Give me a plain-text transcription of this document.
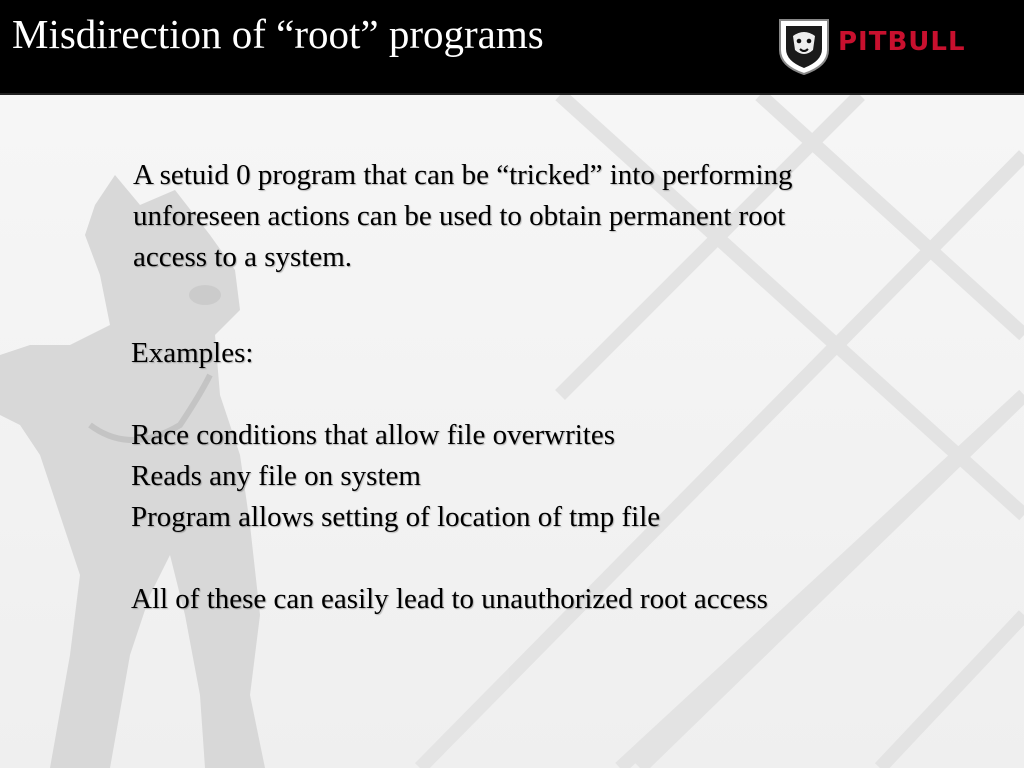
Misdirection of “root” programs	PITBULL

A setuid 0 program that can be “tricked” into performing

unforeseen actions can be used to obtain permanent root

access to a system.

Examples:
Race conditions that allow file overwrites
Reads any file on system
Program allows setting of location of tmp file
All of these can easily lead to unauthorized root access
